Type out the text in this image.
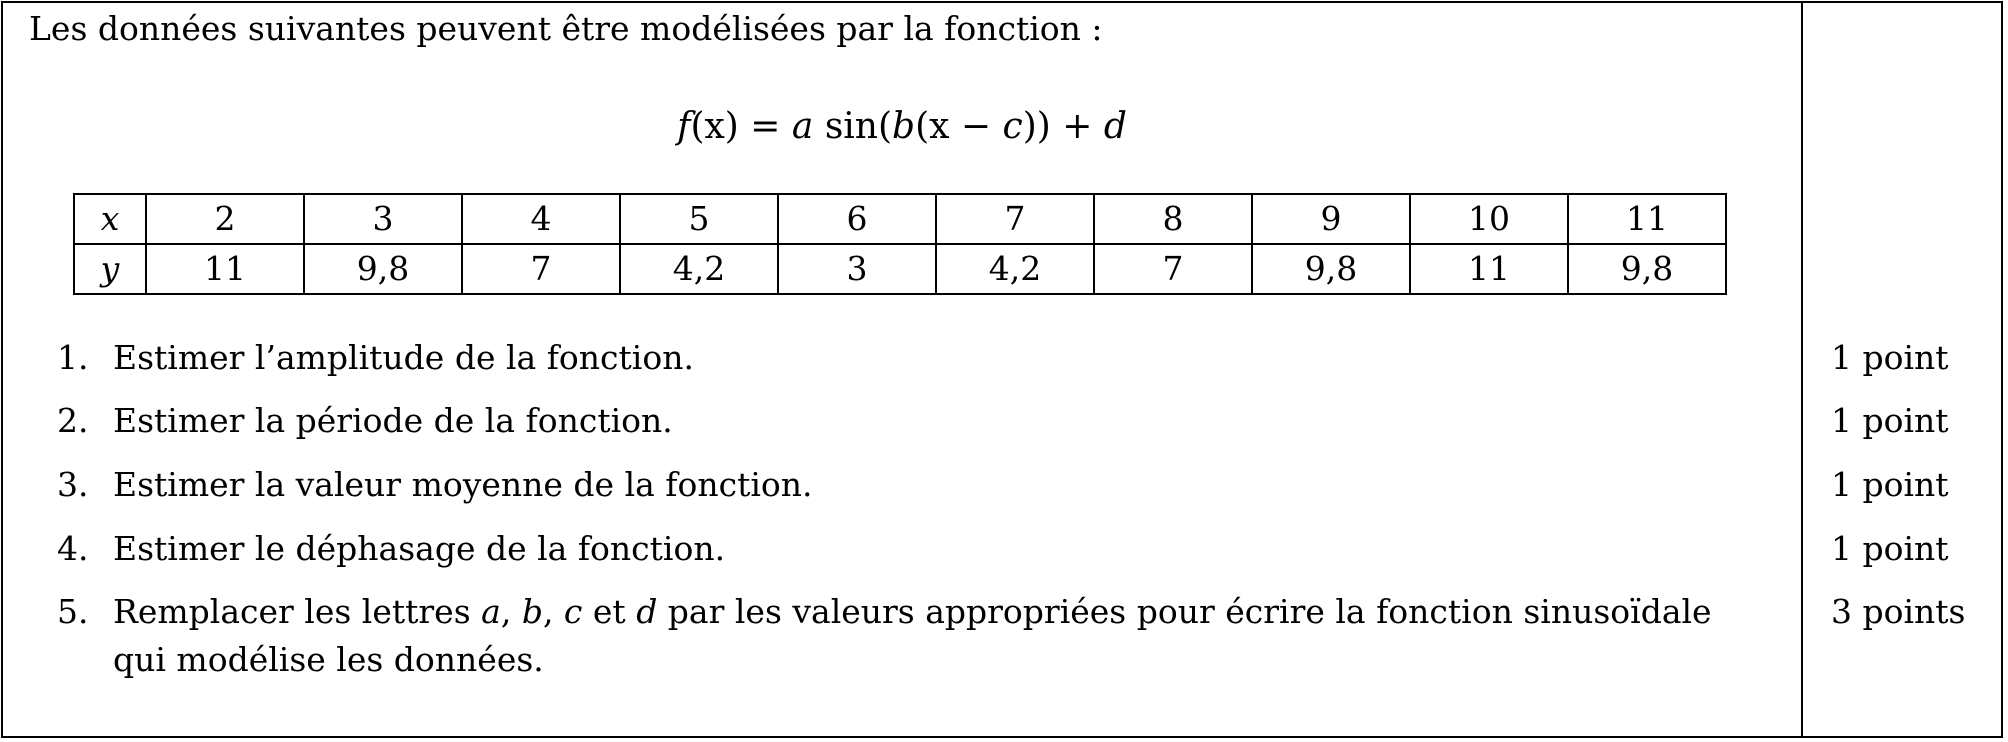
Les données suivantes peuvent être modélisées par la fonction :
f(x) = a sin(b(x − c)) + d
x	2	3	4	5	6	7	8	9	10	11
y	11	9,8	7	4,2	3	4,2	7	9,8	11	9,8
1. Estimer l’amplitude de la fonction.	1 point
2. Estimer la période de la fonction.	1 point
3. Estimer la valeur moyenne de la fonction.	1 point
4. Estimer le déphasage de la fonction.	1 point
5. Remplacer les lettres a, b, c et d par les valeurs appropriées pour écrire la fonction sinusoïdale
qui modélise les données.
3 points
